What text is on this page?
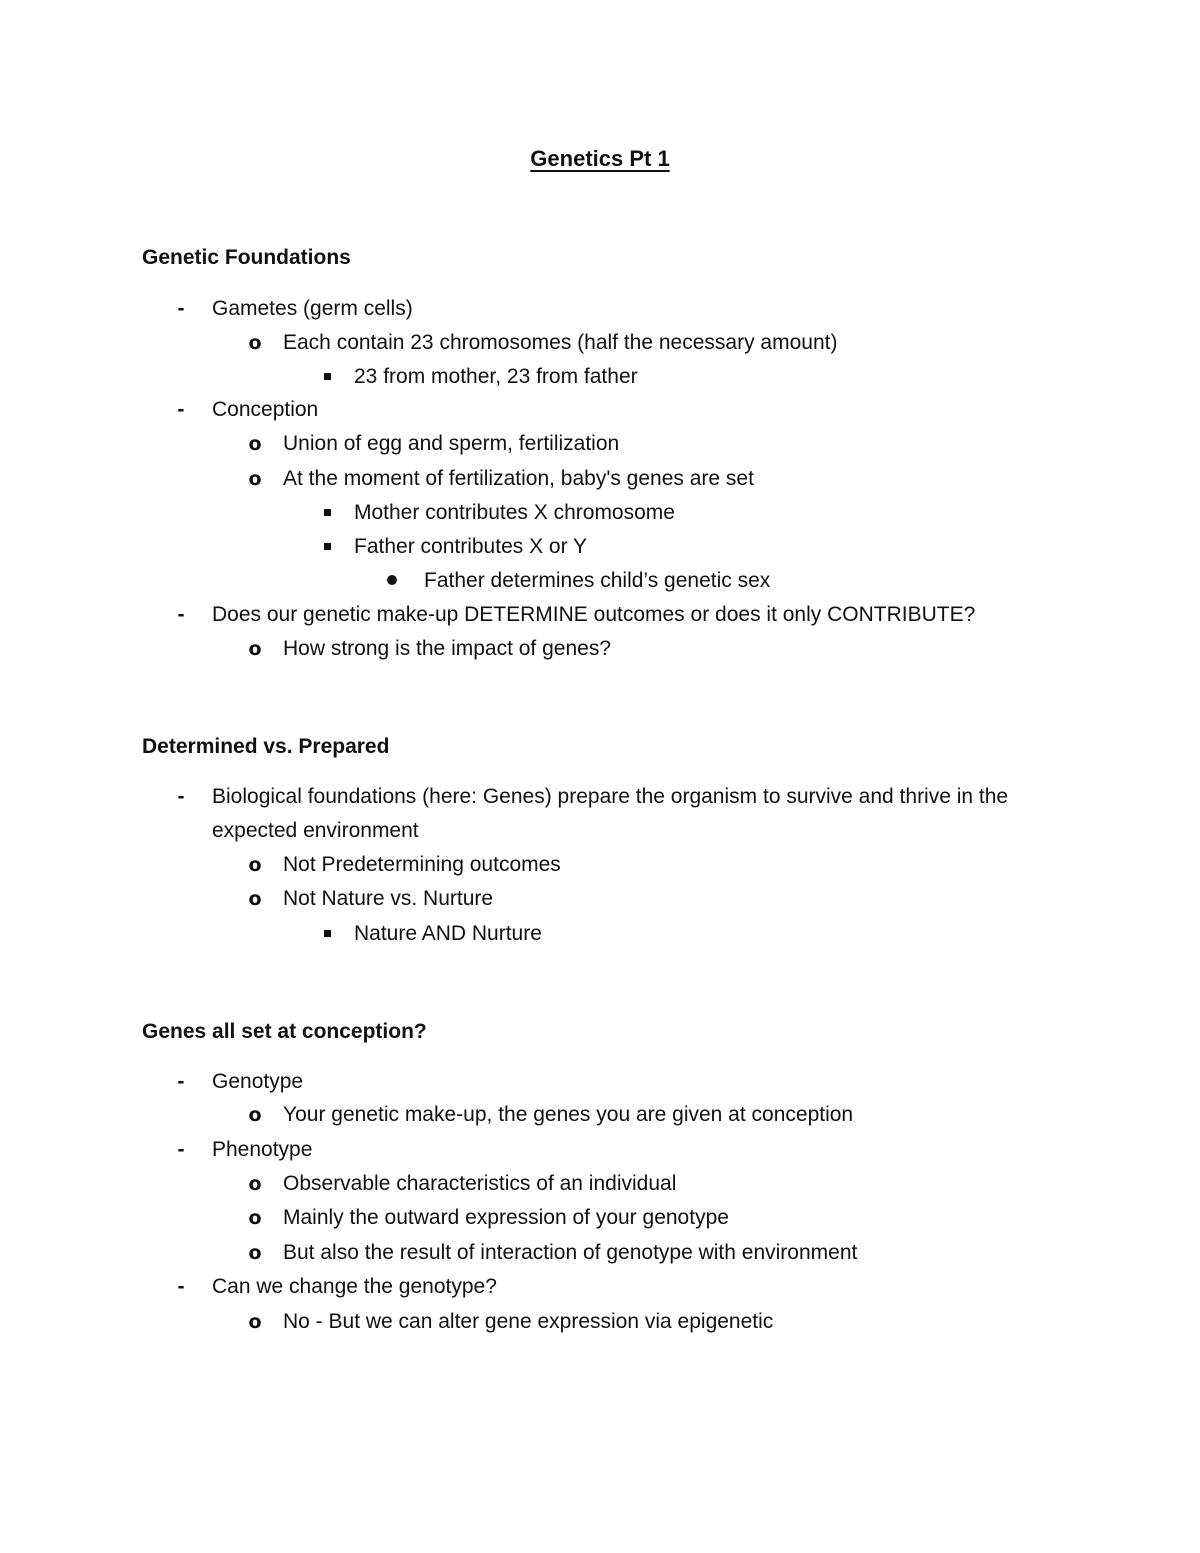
Genetics Pt 1
Genetic Foundations
- Gametes (germ cells)
o Each contain 23 chromosomes (half the necessary amount)
23 from mother, 23 from father
- Conception
o Union of egg and sperm, fertilization
o At the moment of fertilization, baby's genes are set
Mother contributes X chromosome
Father contributes X or Y
Father determines child’s genetic sex
- Does our genetic make-up DETERMINE outcomes or does it only CONTRIBUTE?
o How strong is the impact of genes?
Determined vs. Prepared
- Biological foundations (here: Genes) prepare the organism to survive and thrive in the expected environment
o Not Predetermining outcomes
o Not Nature vs. Nurture
Nature AND Nurture
Genes all set at conception?
- Genotype
o Your genetic make-up, the genes you are given at conception
- Phenotype
o Observable characteristics of an individual
o Mainly the outward expression of your genotype
o But also the result of interaction of genotype with environment
- Can we change the genotype?
o No - But we can alter gene expression via epigenetic
